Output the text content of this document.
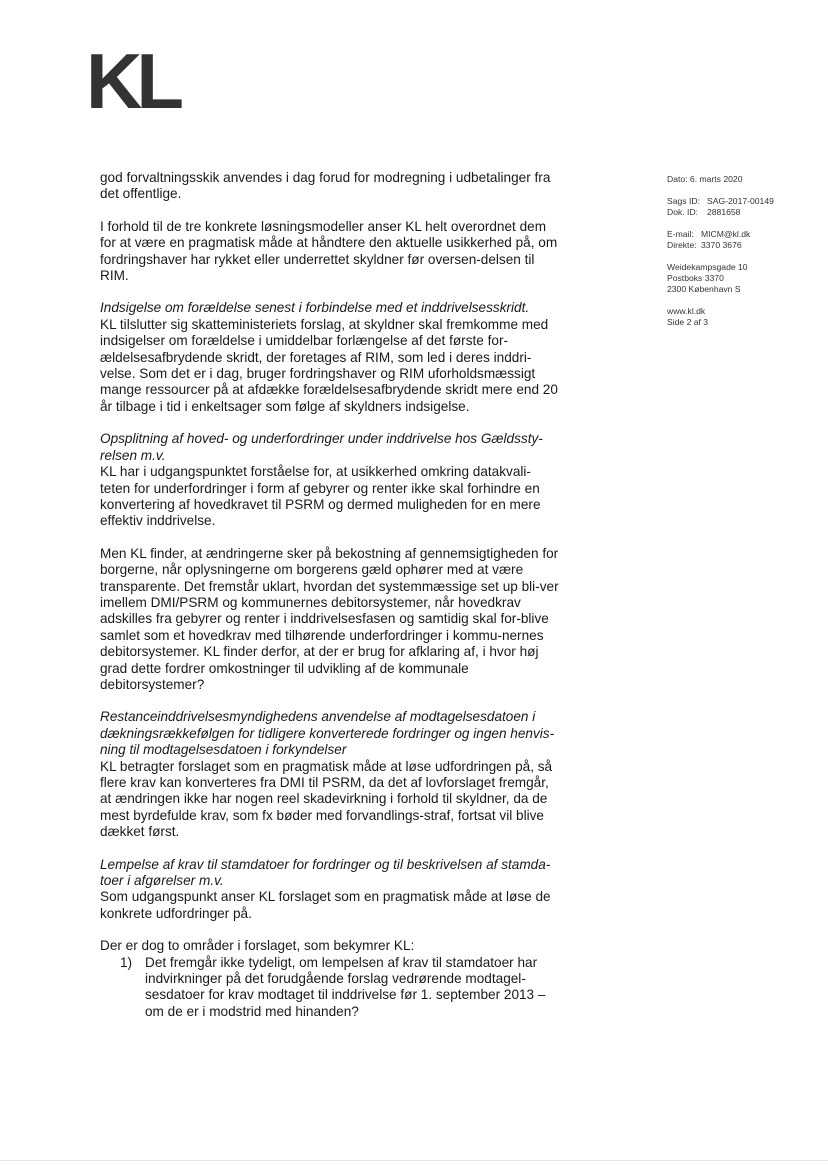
KL

god forvaltningsskik anvendes i dag forud for modregning i udbetalinger fra det offentlige.

I forhold til de tre konkrete løsningsmodeller anser KL helt overordnet dem for at være en pragmatisk måde at håndtere den aktuelle usikkerhed på, om fordringshaver har rykket eller underrettet skyldner før oversen-delsen til RIM.

Indsigelse om forældelse senest i forbindelse med et inddrivelsesskridt.
KL tilslutter sig skatteministeriets forslag, at skyldner skal fremkomme med indsigelser om forældelse i umiddelbar forlængelse af det første for-ældelsesafbrydende skridt, der foretages af RIM, som led i deres inddri-velse. Som det er i dag, bruger fordringshaver og RIM uforholdsmæssigt mange ressourcer på at afdække forældelsesafbrydende skridt mere end 20 år tilbage i tid i enkeltsager som følge af skyldners indsigelse.

Opsplitning af hoved- og underfordringer under inddrivelse hos Gældssty-relsen m.v.
KL har i udgangspunktet forståelse for, at usikkerhed omkring datakvali-teten for underfordringer i form af gebyrer og renter ikke skal forhindre en konvertering af hovedkravet til PSRM og dermed muligheden for en mere effektiv inddrivelse.

Men KL finder, at ændringerne sker på bekostning af gennemsigtigheden for borgerne, når oplysningerne om borgerens gæld ophører med at være transparente. Det fremstår uklart, hvordan det systemmæssige set up bli-ver imellem DMI/PSRM og kommunernes debitorsystemer, når hovedkrav adskilles fra gebyrer og renter i inddrivelsesfasen og samtidig skal for-blive samlet som et hovedkrav med tilhørende underfordringer i kommu-nernes debitorsystemer. KL finder derfor, at der er brug for afklaring af, i hvor høj grad dette fordrer omkostninger til udvikling af de kommunale debitorsystemer?

Restanceinddrivelsesmyndighedens anvendelse af modtagelsesdatoen i dækningsrækkefølgen for tidligere konverterede fordringer og ingen henvis-ning til modtagelsesdatoen i forkyndelser
KL betragter forslaget som en pragmatisk måde at løse udfordringen på, så flere krav kan konverteres fra DMI til PSRM, da det af lovforslaget fremgår, at ændringen ikke har nogen reel skadevirkning i forhold til skyldner, da de mest byrdefulde krav, som fx bøder med forvandlings-straf, fortsat vil blive dækket først.

Lempelse af krav til stamdatoer for fordringer og til beskrivelsen af stamda-toer i afgørelser m.v.
Som udgangspunkt anser KL forslaget som en pragmatisk måde at løse de konkrete udfordringer på.

Der er dog to områder i forslaget, som bekymrer KL:

1) Det fremgår ikke tydeligt, om lempelsen af krav til stamdatoer har indvirkninger på det forudgående forslag vedrørende modtagel-sesdatoer for krav modtaget til inddrivelse før 1. september 2013 – om de er i modstrid med hinanden?
Dato: 6. marts 2020
Sags ID: SAG-2017-00149
Dok. ID:	2881658
E-mail: MICM@kl.dk
Direkte: 3370 3676
Weidekampsgade 10
Postboks 3370
2300 København S
www.kl.dk
Side 2 af 3
